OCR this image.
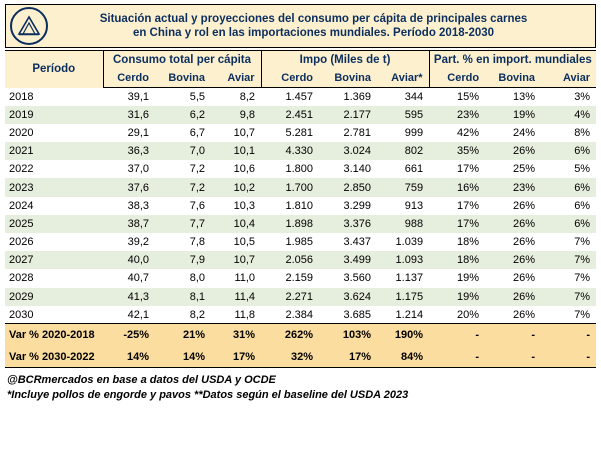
Situación actual y proyecciones del consumo per cápita de principales carnes
en China y rol en las importaciones mundiales. Período 2018-2030
Período	Consumo total per cápita			Impo (Miles de t)			Part. % en import. mundiales		
	Cerdo	Bovina	Aviar	Cerdo	Bovina	Aviar*	Cerdo	Bovina	Aviar
2018	39,1	5,5	8,2	1.457	1.369	344	15%	13%	3%
2019	31,6	6,2	9,8	2.451	2.177	595	23%	19%	4%
2020	29,1	6,7	10,7	5.281	2.781	999	42%	24%	8%
2021	36,3	7,0	10,1	4.330	3.024	802	35%	26%	6%
2022	37,0	7,2	10,6	1.800	3.140	661	17%	25%	5%
2023	37,6	7,2	10,2	1.700	2.850	759	16%	23%	6%
2024	38,3	7,6	10,3	1.810	3.299	913	17%	26%	6%
2025	38,7	7,7	10,4	1.898	3.376	988	17%	26%	6%
2026	39,2	7,8	10,5	1.985	3.437	1.039	18%	26%	7%
2027	40,0	7,9	10,7	2.056	3.499	1.093	18%	26%	7%
2028	40,7	8,0	11,0	2.159	3.560	1.137	19%	26%	7%
2029	41,3	8,1	11,4	2.271	3.624	1.175	19%	26%	7%
2030	42,1	8,2	11,8	2.384	3.685	1.214	20%	26%	7%
Var % 2020-2018	-25%	21%	31%	262%	103%	190%	-	-	-
Var % 2030-2022	14%	14%	17%	32%	17%	84%	-	-	-
@BCRmercados en base a datos del USDA y OCDE
*Incluye pollos de engorde y pavos **Datos según el baseline del USDA 2023
